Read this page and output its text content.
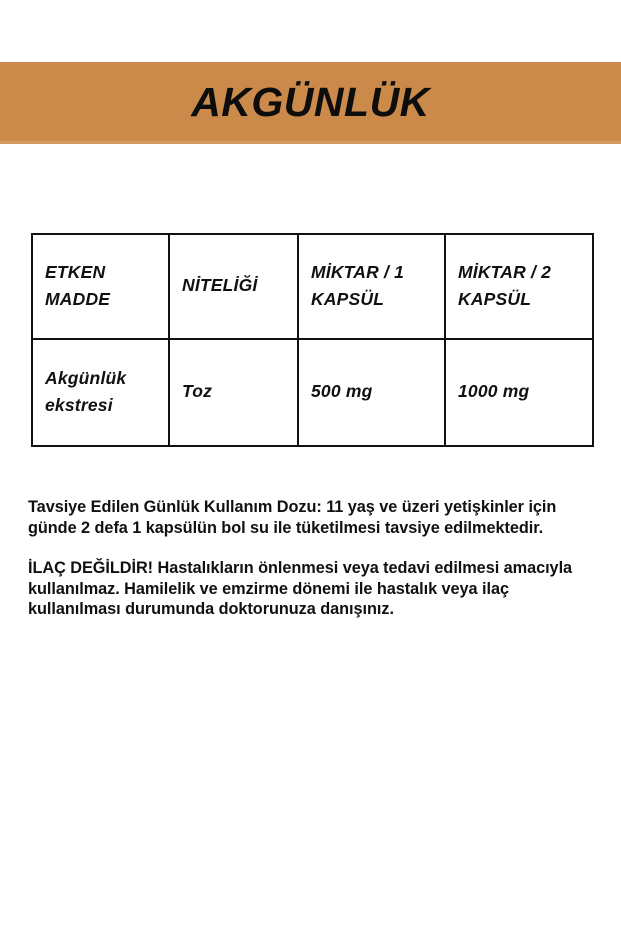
AKGÜNLÜK
ETKEN MADDE	NİTELİĞİ	MİKTAR / 1 KAPSÜL	MİKTAR / 2 KAPSÜL
Akgünlük ekstresi	Toz	500 mg	1000 mg

Tavsiye Edilen Günlük Kullanım Dozu: 11 yaş ve üzeri yetişkinler için günde 2 defa 1 kapsülün bol su ile tüketilmesi tavsiye edilmektedir.

İLAÇ DEĞİLDİR! Hastalıkların önlenmesi veya tedavi edilmesi amacıyla kullanılmaz. Hamilelik ve emzirme dönemi ile hastalık veya ilaç kullanılması durumunda doktorunuza danışınız.
